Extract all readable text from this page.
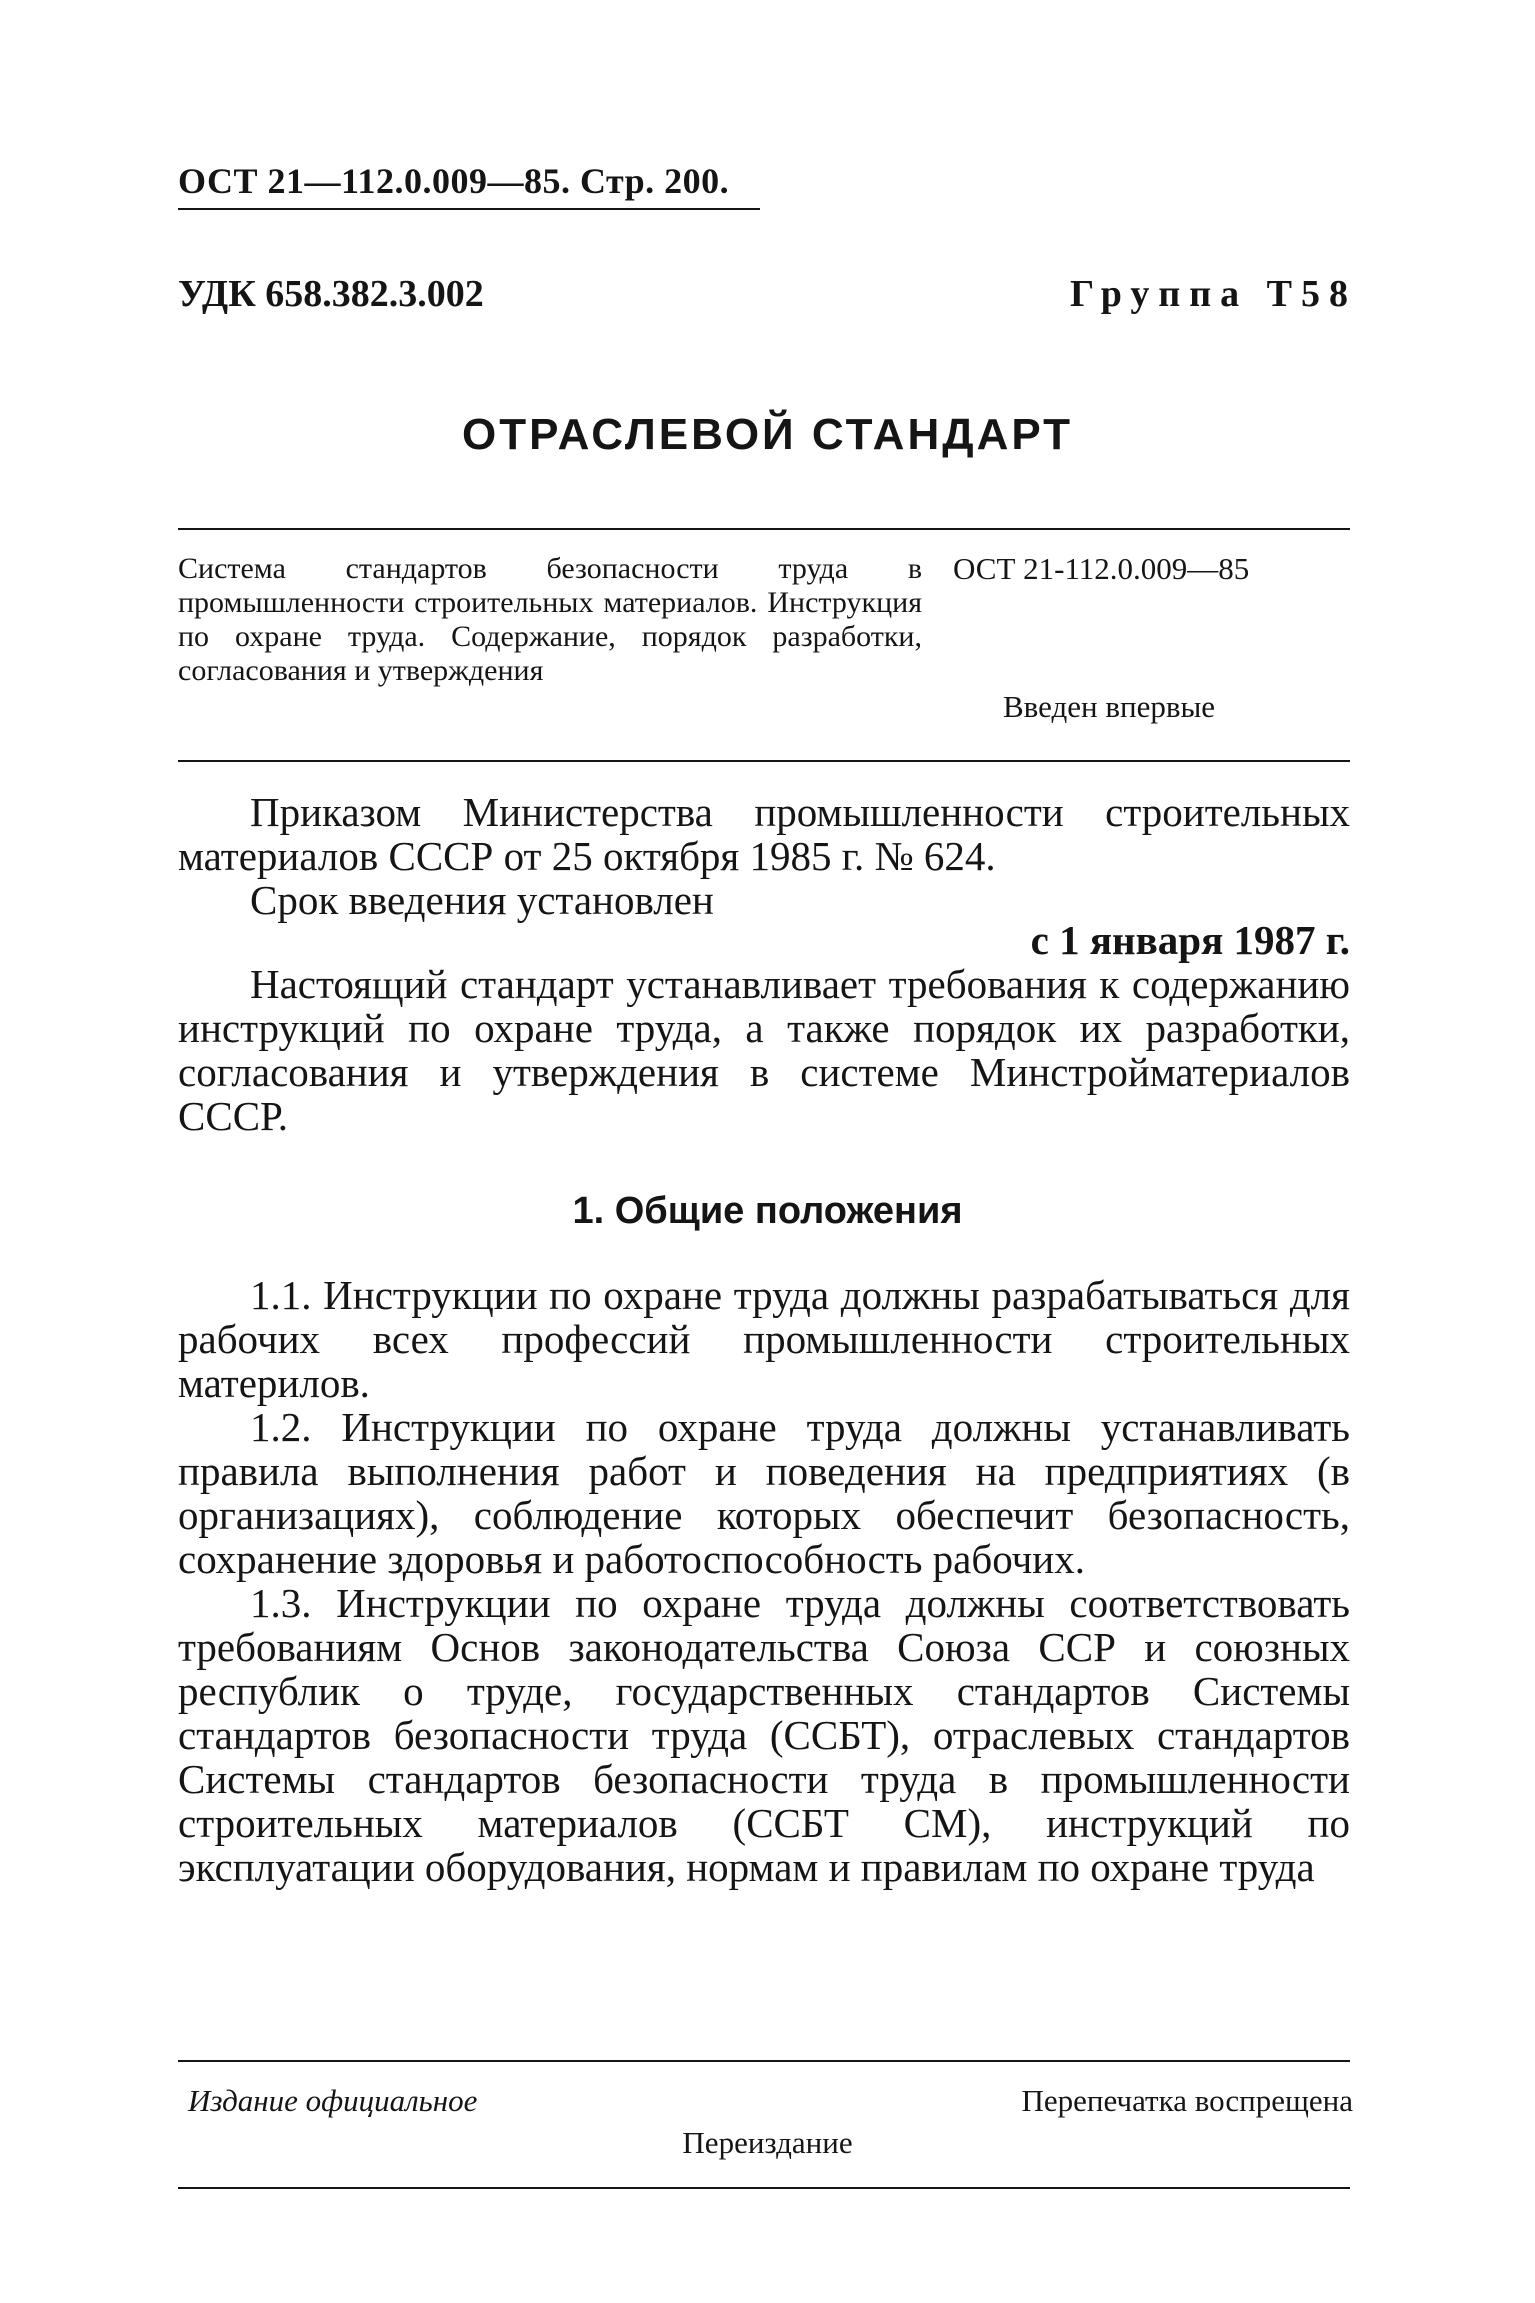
ОСТ 21—112.0.009—85. Стр. 200.
УДК 658.382.3.002	Группа Т58
ОТРАСЛЕВОЙ СТАНДАРТ
Система стандартов безопасности труда в промышленности строительных материалов. Инструкция по охране труда. Содержание, порядок разработки, согласования и утверждения
ОСТ 21-112.0.009—85
Введен впервые

Приказом Министерства промышленности строительных материалов СССР от 25 октября 1985 г. № 624.

Срок введения установлен

с 1 января 1987 г.

Настоящий стандарт устанавливает требования к содержанию инструкций по охране труда, а также порядок их разработки, согласования и утверждения в системе Минстройматериалов СССР.

1. Общие положения

1.1. Инструкции по охране труда должны разрабатываться для рабочих всех профессий промышленности строительных материлов.

1.2. Инструкции по охране труда должны устанавливать правила выполнения работ и поведения на предприятиях (в организациях), соблюдение которых обеспечит безопасность, сохранение здоровья и работоспособность рабочих.

1.3. Инструкции по охране труда должны соответствовать требованиям Основ законодательства Союза ССР и союзных республик о труде, государственных стандартов Системы стандартов безопасности труда (ССБТ), отраслевых стандартов Системы стандартов безопасности труда в промышленности строительных материалов (ССБТ СМ), инструкций по эксплуатации оборудования, нормам и правилам по охране труда

Издание официальное	Перепечатка воспрещена
Переиздание
